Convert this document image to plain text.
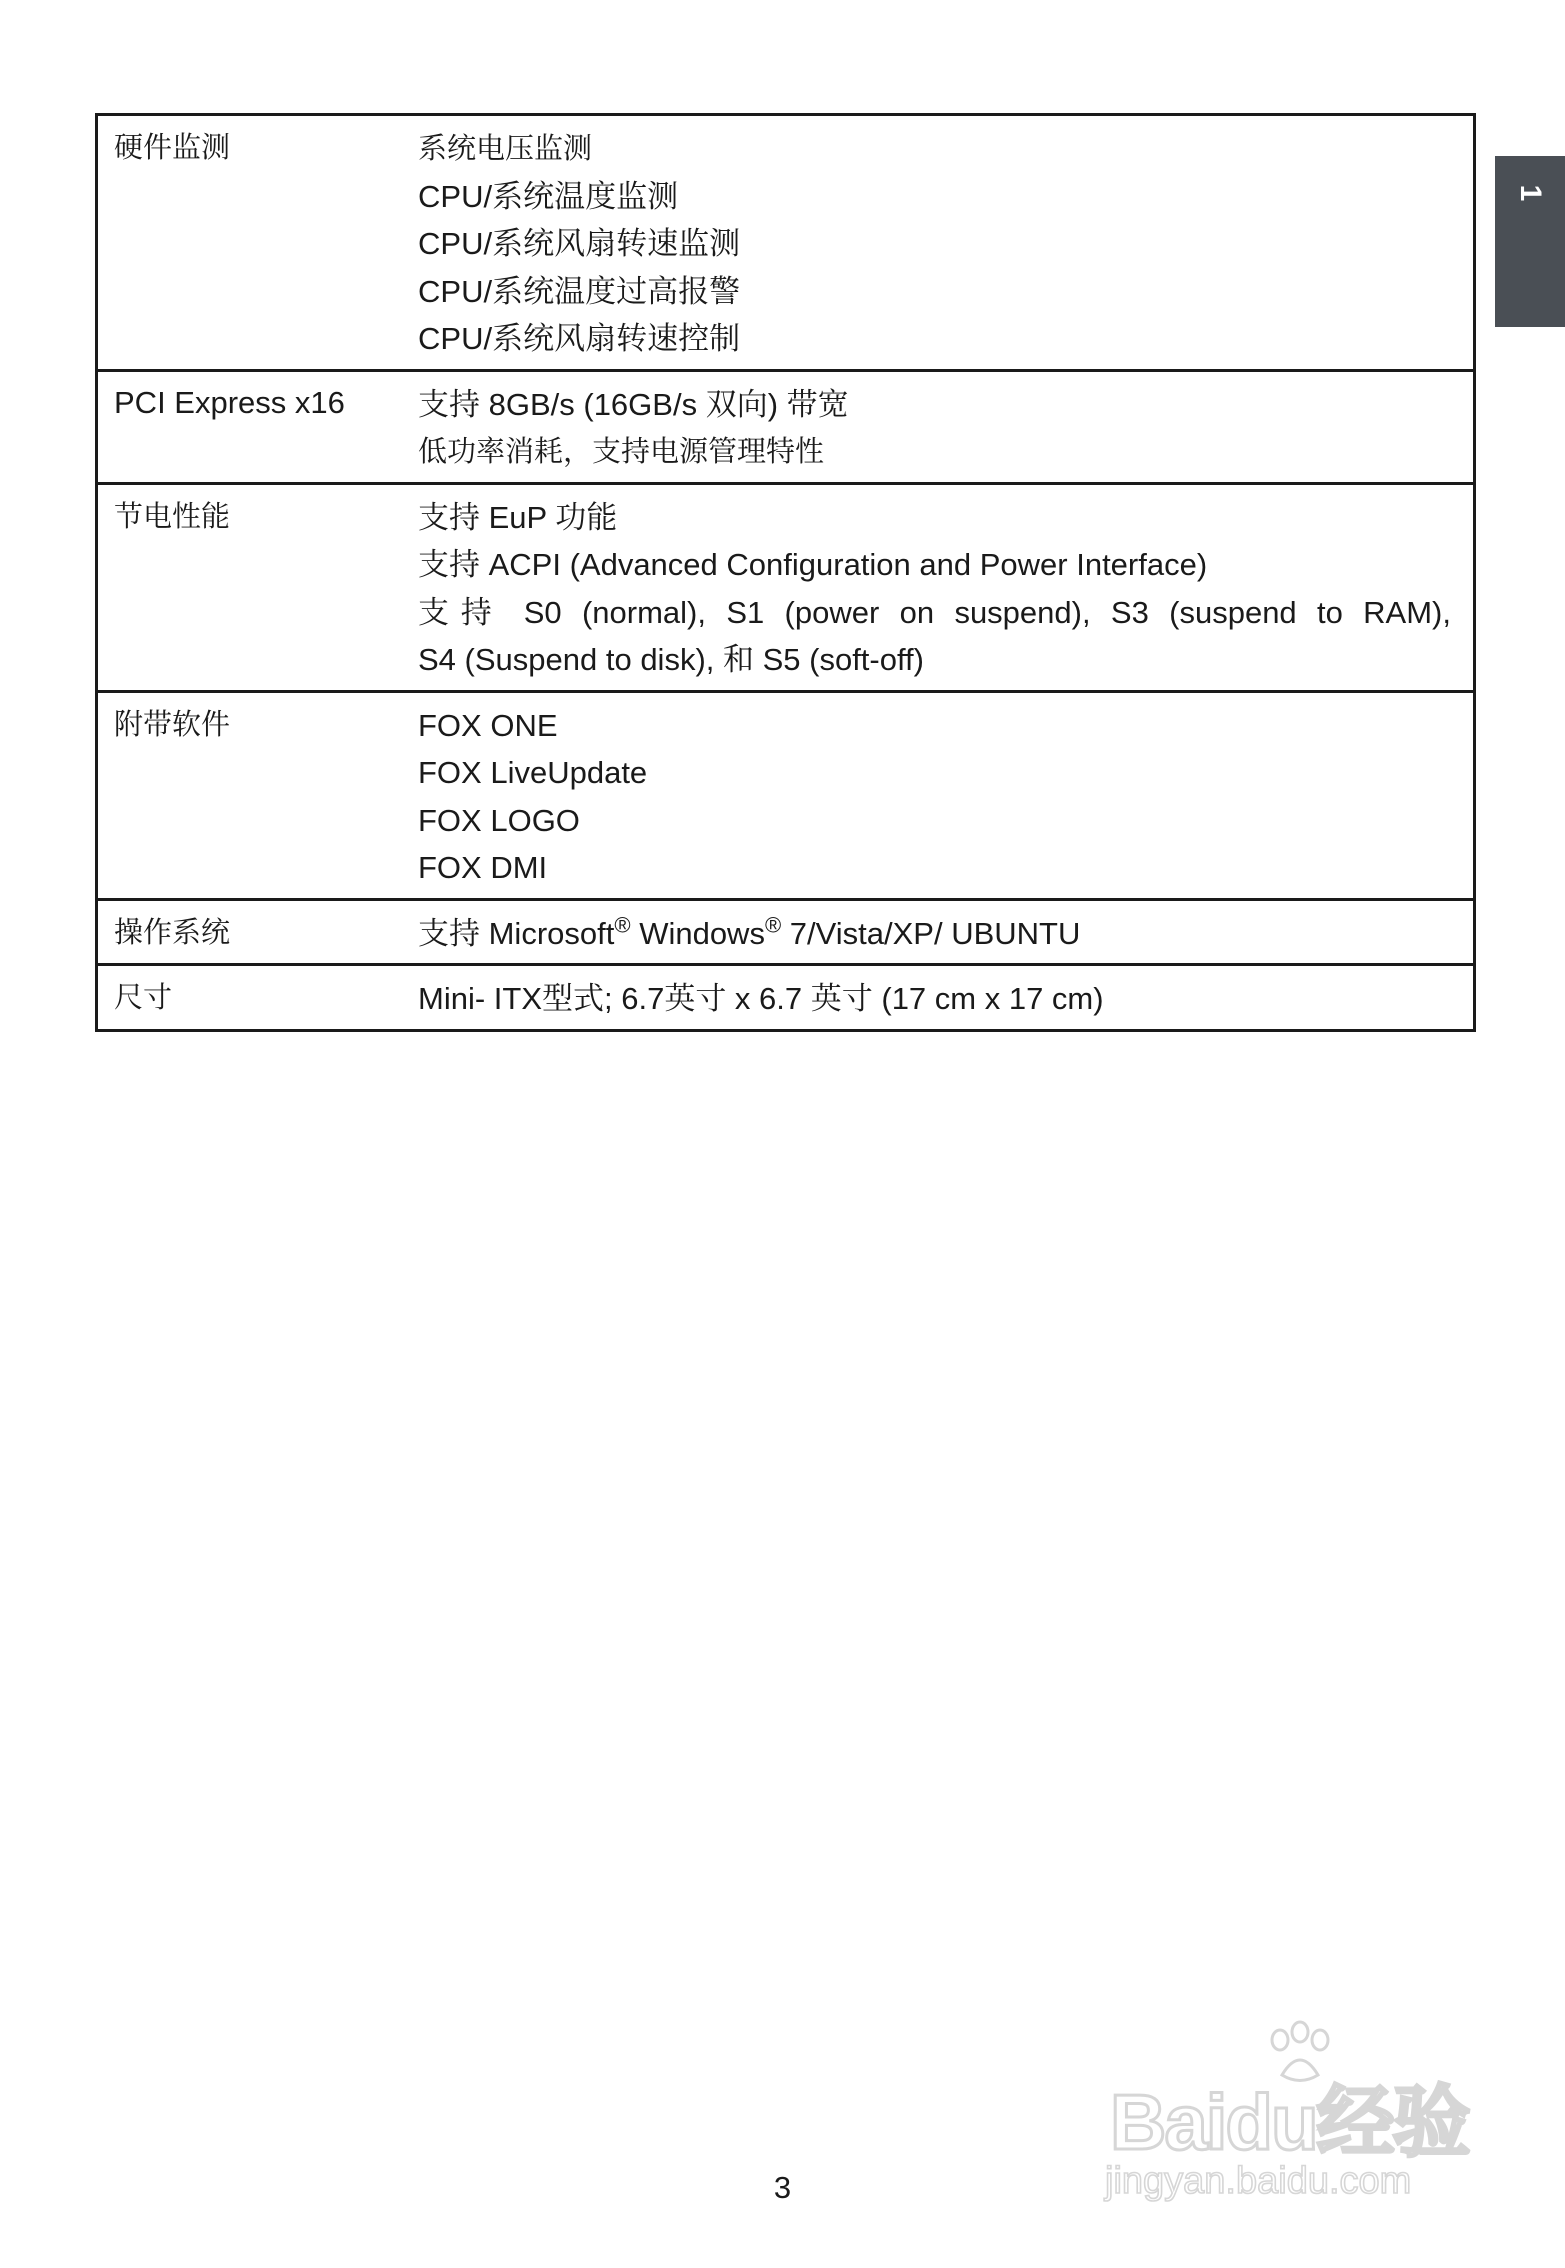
硬件监测	系统电压监测
CPU/系统温度监测
CPU/系统风扇转速监测
CPU/系统温度过高报警
CPU/系统风扇转速控制

PCI Express x16	支持 8GB/s (16GB/s 双向) 带宽
低功率消耗，支持电源管理特性

节电性能	支持 EuP 功能
支持 ACPI (Advanced Configuration and Power Interface)
支持 S0 (normal), S1 (power on suspend), S3 (suspend to RAM),
S4 (Suspend to disk), 和 S5 (soft-off)

附带软件	FOX ONE
FOX LiveUpdate
FOX LOGO
FOX DMI

操作系统	支持 Microsoft® Windows® 7/Vista/XP/ UBUNTU

尺寸	Mini- ITX型式; 6.7英寸 x 6.7 英寸 (17 cm x 17 cm)
1
3
Baidu经验
jingyan.baidu.com
